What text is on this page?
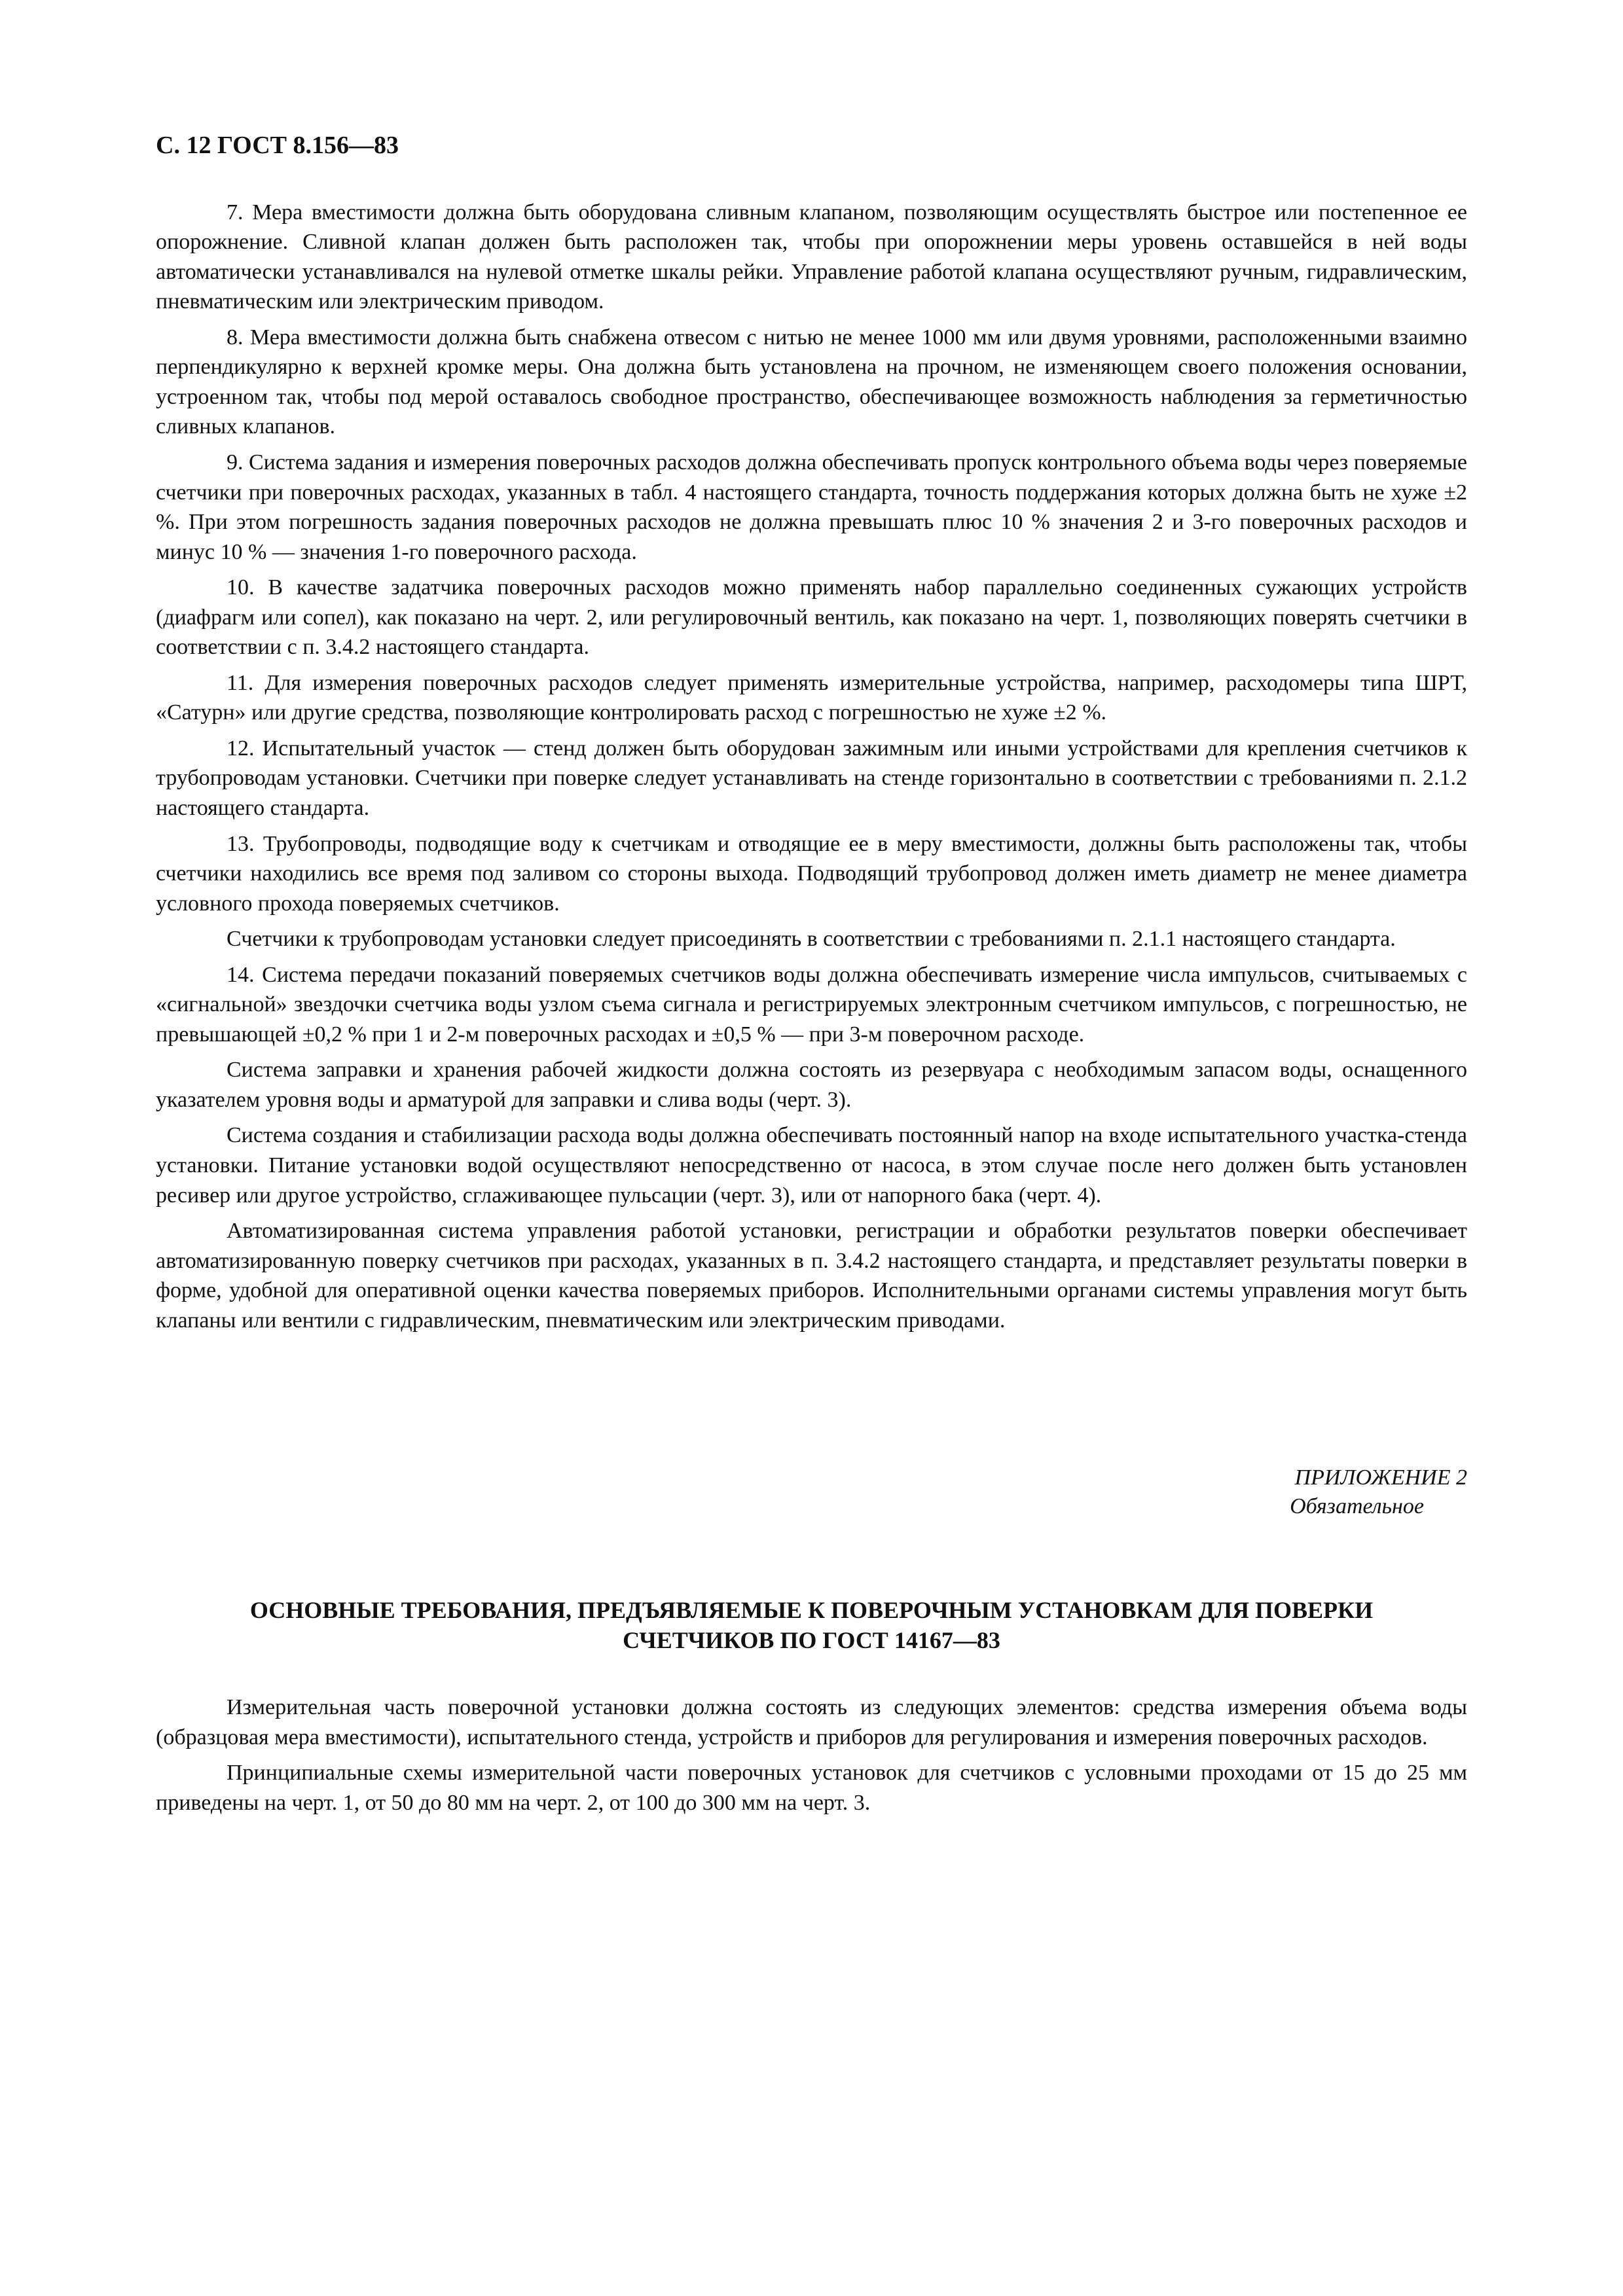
С. 12 ГОСТ 8.156—83

7. Мера вместимости должна быть оборудована сливным клапаном, позволяющим осуществлять быстрое или постепенное ее опорожнение. Сливной клапан должен быть расположен так, чтобы при опорожнении меры уровень оставшейся в ней воды автоматически устанавливался на нулевой отметке шкалы рейки. Управление работой клапана осуществляют ручным, гидравлическим, пневматическим или электрическим приводом.

8. Мера вместимости должна быть снабжена отвесом с нитью не менее 1000 мм или двумя уровнями, расположенными взаимно перпендикулярно к верхней кромке меры. Она должна быть установлена на прочном, не изменяющем своего положения основании, устроенном так, чтобы под мерой оставалось свободное пространство, обеспечивающее возможность наблюдения за герметичностью сливных клапанов.

9. Система задания и измерения поверочных расходов должна обеспечивать пропуск контрольного объема воды через поверяемые счетчики при поверочных расходах, указанных в табл. 4 настоящего стандарта, точность поддержания которых должна быть не хуже ±2 %. При этом погрешность задания поверочных расходов не должна превышать плюс 10 % значения 2 и 3-го поверочных расходов и минус 10 % — значения 1-го поверочного расхода.

10. В качестве задатчика поверочных расходов можно применять набор параллельно соединенных сужающих устройств (диафрагм или сопел), как показано на черт. 2, или регулировочный вентиль, как показано на черт. 1, позволяющих поверять счетчики в соответствии с п. 3.4.2 настоящего стандарта.

11. Для измерения поверочных расходов следует применять измерительные устройства, например, расходомеры типа ШРТ, «Сатурн» или другие средства, позволяющие контролировать расход с погрешностью не хуже ±2 %.

12. Испытательный участок — стенд должен быть оборудован зажимным или иными устройствами для крепления счетчиков к трубопроводам установки. Счетчики при поверке следует устанавливать на стенде горизонтально в соответствии с требованиями п. 2.1.2 настоящего стандарта.

13. Трубопроводы, подводящие воду к счетчикам и отводящие ее в меру вместимости, должны быть расположены так, чтобы счетчики находились все время под заливом со стороны выхода. Подводящий трубопровод должен иметь диаметр не менее диаметра условного прохода поверяемых счетчиков.

Счетчики к трубопроводам установки следует присоединять в соответствии с требованиями п. 2.1.1 настоящего стандарта.

14. Система передачи показаний поверяемых счетчиков воды должна обеспечивать измерение числа импульсов, считываемых с «сигнальной» звездочки счетчика воды узлом съема сигнала и регистрируемых электронным счетчиком импульсов, с погрешностью, не превышающей ±0,2 % при 1 и 2-м поверочных расходах и ±0,5 % — при 3-м поверочном расходе.

Система заправки и хранения рабочей жидкости должна состоять из резервуара с необходимым запасом воды, оснащенного указателем уровня воды и арматурой для заправки и слива воды (черт. 3).

Система создания и стабилизации расхода воды должна обеспечивать постоянный напор на входе испытательного участка-стенда установки. Питание установки водой осуществляют непосредственно от насоса, в этом случае после него должен быть установлен ресивер или другое устройство, сглаживающее пульсации (черт. 3), или от напорного бака (черт. 4).

Автоматизированная система управления работой установки, регистрации и обработки результатов поверки обеспечивает автоматизированную поверку счетчиков при расходах, указанных в п. 3.4.2 настоящего стандарта, и представляет результаты поверки в форме, удобной для оперативной оценки качества поверяемых приборов. Исполнительными органами системы управления могут быть клапаны или вентили с гидравлическим, пневматическим или электрическим приводами.

ПРИЛОЖЕНИЕ 2
Обязательное
ОСНОВНЫЕ ТРЕБОВАНИЯ, ПРЕДЪЯВЛЯЕМЫЕ К ПОВЕРОЧНЫМ УСТАНОВКАМ ДЛЯ ПОВЕРКИ
СЧЕТЧИКОВ ПО ГОСТ 14167—83

Измерительная часть поверочной установки должна состоять из следующих элементов: средства измерения объема воды (образцовая мера вместимости), испытательного стенда, устройств и приборов для регулирования и измерения поверочных расходов.

Принципиальные схемы измерительной части поверочных установок для счетчиков с условными проходами от 15 до 25 мм приведены на черт. 1, от 50 до 80 мм на черт. 2, от 100 до 300 мм на черт. 3.
